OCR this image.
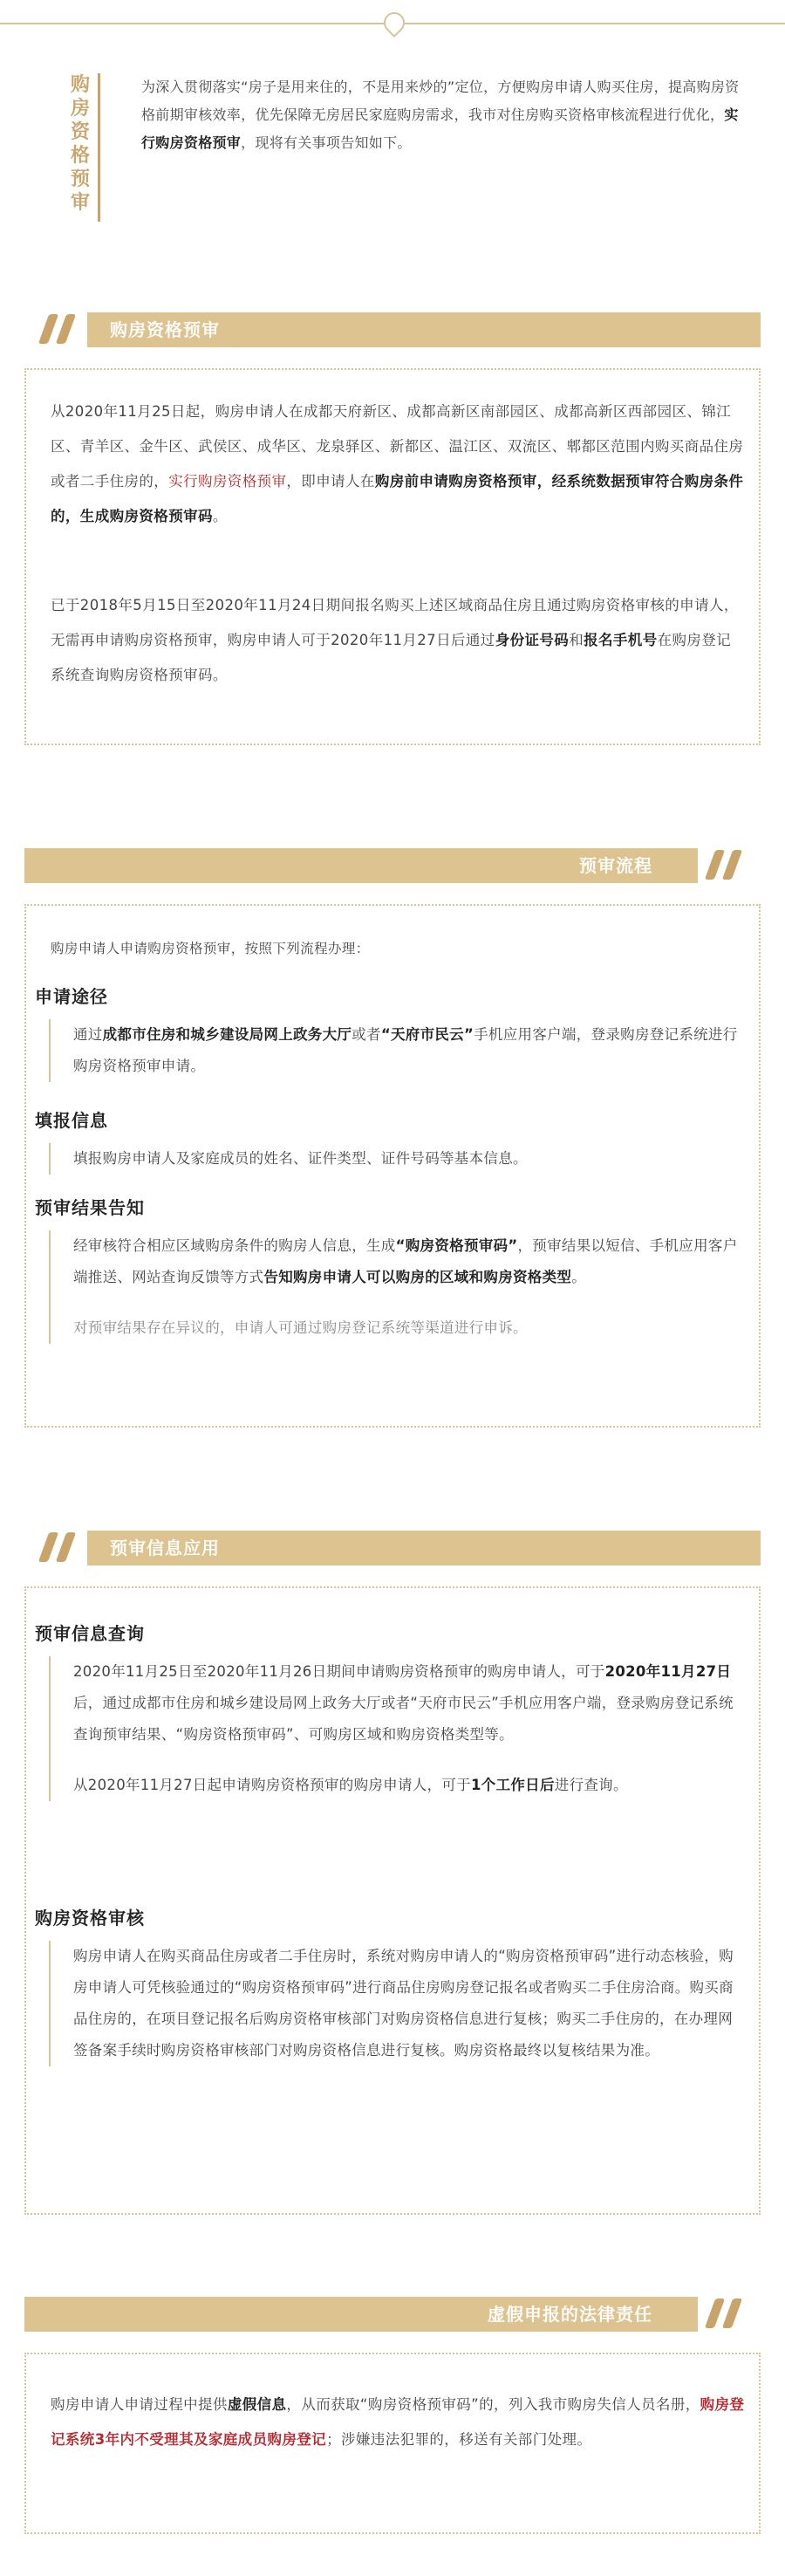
购房资格预审
为深入贯彻落实“房子是用来住的，不是用来炒的”定位，方便购房申请人购买住房，提高购房资格前期审核效率，优先保障无房居民家庭购房需求，我市对住房购买资格审核流程进行优化，实行购房资格预审，现将有关事项告知如下。
购房资格预审
从2020年11月25日起，购房申请人在成都天府新区、成都高新区南部园区、成都高新区西部园区、锦江区、青羊区、金牛区、武侯区、成华区、龙泉驿区、新都区、温江区、双流区、郫都区范围内购买商品住房或者二手住房的，实行购房资格预审，即申请人在购房前申请购房资格预审，经系统数据预审符合购房条件的，生成购房资格预审码。
已于2018年5月15日至2020年11月24日期间报名购买上述区域商品住房且通过购房资格审核的申请人，无需再申请购房资格预审，购房申请人可于2020年11月27日后通过身份证号码和报名手机号在购房登记系统查询购房资格预审码。
预审流程
购房申请人申请购房资格预审，按照下列流程办理：
申请途径
通过成都市住房和城乡建设局网上政务大厅或者“天府市民云”手机应用客户端，登录购房登记系统进行购房资格预审申请。
填报信息
填报购房申请人及家庭成员的姓名、证件类型、证件号码等基本信息。
预审结果告知
经审核符合相应区域购房条件的购房人信息，生成“购房资格预审码”，预审结果以短信、手机应用客户端推送、网站查询反馈等方式告知购房申请人可以购房的区域和购房资格类型。
对预审结果存在异议的，申请人可通过购房登记系统等渠道进行申诉。
预审信息应用
预审信息查询
2020年11月25日至2020年11月26日期间申请购房资格预审的购房申请人，可于2020年11月27日后，通过成都市住房和城乡建设局网上政务大厅或者“天府市民云”手机应用客户端，登录购房登记系统查询预审结果、“购房资格预审码”、可购房区域和购房资格类型等。
从2020年11月27日起申请购房资格预审的购房申请人，可于1个工作日后进行查询。
购房资格审核
购房申请人在购买商品住房或者二手住房时，系统对购房申请人的“购房资格预审码”进行动态核验，购房申请人可凭核验通过的“购房资格预审码”进行商品住房购房登记报名或者购买二手住房洽商。购买商品住房的，在项目登记报名后购房资格审核部门对购房资格信息进行复核；购买二手住房的，在办理网签备案手续时购房资格审核部门对购房资格信息进行复核。购房资格最终以复核结果为准。
虚假申报的法律责任
购房申请人申请过程中提供虚假信息，从而获取“购房资格预审码”的，列入我市购房失信人员名册，购房登记系统3年内不受理其及家庭成员购房登记；涉嫌违法犯罪的，移送有关部门处理。
